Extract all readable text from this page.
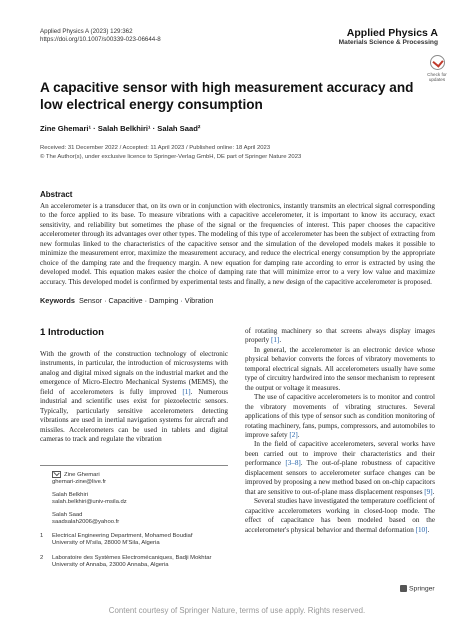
Applied Physics A (2023) 129:362
https://doi.org/10.1007/s00339-023-06644-8
Applied Physics A
Materials Science & Processing
Check for updates
A capacitive sensor with high measurement accuracy and low electrical energy consumption
Zine Ghemari¹ · Salah Belkhiri¹ · Salah Saad²
Received: 31 December 2022 / Accepted: 11 April 2023 / Published online: 18 April 2023
© The Author(s), under exclusive licence to Springer-Verlag GmbH, DE part of Springer Nature 2023
Abstract
An accelerometer is a transducer that, on its own or in conjunction with electronics, instantly transmits an electrical signal corresponding to the force applied to its base. To measure vibrations with a capacitive accelerometer, it is important to know its accuracy, exact sensitivity, and reliability but sometimes the phase of the signal or the frequencies of interest. This paper chooses the capacitive accelerometer through its advantages over other types. The modeling of this type of accelerometer has been the subject of extracting from new formulas linked to the characteristics of the capacitive sensor and the simulation of the developed models makes it possible to minimize the measurement error, maximize the measurement accuracy, and reduce the electrical energy consumption by the appropriate choice of the damping rate and the frequency margin. A new equation for damping rate according to error is extracted by using the developed model. This equation makes easier the choice of damping rate that will minimize error to a very low value and maximize accuracy. This developed model is confirmed by experimental tests and finally, a new design of the capacitive accelerometer is proposed.
Keywords Sensor · Capacitive · Damping · Vibration
1 Introduction

With the growth of the construction technology of electronic instruments, in particular, the introduction of microsystems with analog and digital mixed signals on the industrial market and the emergence of Micro-Electro Mechanical Systems (MEMS), the field of accelerometers is fully improved [1]. Numerous industrial and scientific uses exist for piezoelectric sensors. Typically, particularly sensitive accelerometers detecting vibrations are used in inertial navigation systems for aircraft and missiles. Accelerometers can be used in tablets and digital cameras to track and regulate the vibration

of rotating machinery so that screens always display images properly [1].

In general, the accelerometer is an electronic device whose physical behavior converts the forces of vibratory movements to temporal electrical signals. All accelerometers usually have some type of circuitry hardwired into the sensor mechanism to represent the output or voltage it measures.

The use of capacitive accelerometers is to monitor and control the vibratory movements of vibrating structures. Several applications of this type of sensor such as condition monitoring of rotating machinery, fans, pumps, compressors, and automobiles to improve safety [2].

In the field of capacitive accelerometers, several works have been carried out to improve their characteristics and their performance [3–8]. The out-of-plane robustness of capacitive displacement sensors to accelerometer surface changes can be improved by proposing a new method based on on-chip capacitors that are sensitive to out-of-plane mass displacement responses [9].

Several studies have investigated the temperature coefficient of capacitive accelerometers working in closed-loop mode. The effect of capacitance has been modeled based on the accelerometer's physical behavior and thermal deformation [10].

Zine Ghemari
ghemari-zine@live.fr
Salah Belkhiri
salah.belkhiri@univ-msila.dz
Salah Saad
saadsalah2006@yahoo.fr
1	Electrical Engineering Department, Mohamed Boudiaf
University of M’sila, 28000 M’Sila, Algeria
2	Laboratoire des Systèmes Electromécaniques, Badji Mokhtar
University of Annaba, 23000 Annaba, Algeria
Springer
Content courtesy of Springer Nature, terms of use apply. Rights reserved.
